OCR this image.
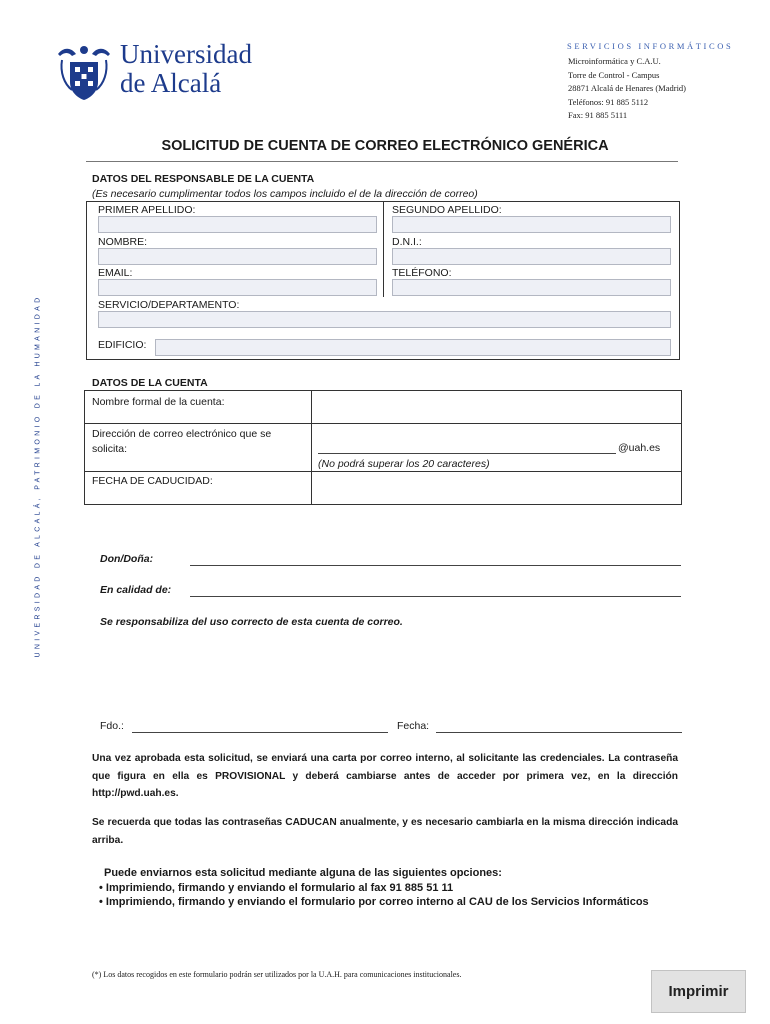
Universidad
de Alcalá
SERVICIOS INFORMÁTICOS
Microinformática y C.A.U.
Torre de Control - Campus
28871 Alcalá de Henares (Madrid)
Teléfonos: 91 885 5112
Fax: 91 885 5111
SOLICITUD DE CUENTA DE CORREO ELECTRÓNICO GENÉRICA
UNIVERSIDAD DE ALCALÁ, PATRIMONIO DE LA HUMANIDAD
DATOS DEL RESPONSABLE DE LA CUENTA
(Es necesario cumplimentar todos los campos incluido el de la dirección de correo)
PRIMER APELLIDO:	SEGUNDO APELLIDO:
NOMBRE:	D.N.I.:
EMAIL:	TELÉFONO:
SERVICIO/DEPARTAMENTO:
EDIFICIO:
DATOS DE LA CUENTA
Nombre formal de la cuenta:
Dirección de correo electrónico que se
solicita:	@uah.es
(No podrá superar los 20 caracteres)
FECHA DE CADUCIDAD:
Don/Doña:
En calidad de:
Se responsabiliza del uso correcto de esta cuenta de correo.
Fdo.:	Fecha:
Una vez aprobada esta solicitud, se enviará una carta por correo interno, al solicitante las credenciales. La contraseña que figura en ella es PROVISIONAL y deberá cambiarse antes de acceder por primera vez, en la dirección http://pwd.uah.es.
Se recuerda que todas las contraseñas CADUCAN anualmente, y es necesario cambiarla en la misma dirección indicada arriba.
Puede enviarnos esta solicitud mediante alguna de las siguientes opciones:
• Imprimiendo, firmando y enviando el formulario al fax 91 885 51 11
• Imprimiendo, firmando y enviando el formulario por correo interno al CAU de los Servicios Informáticos
(*) Los datos recogidos en este formulario podrán ser utilizados por la U.A.H. para comunicaciones institucionales.
Imprimir
